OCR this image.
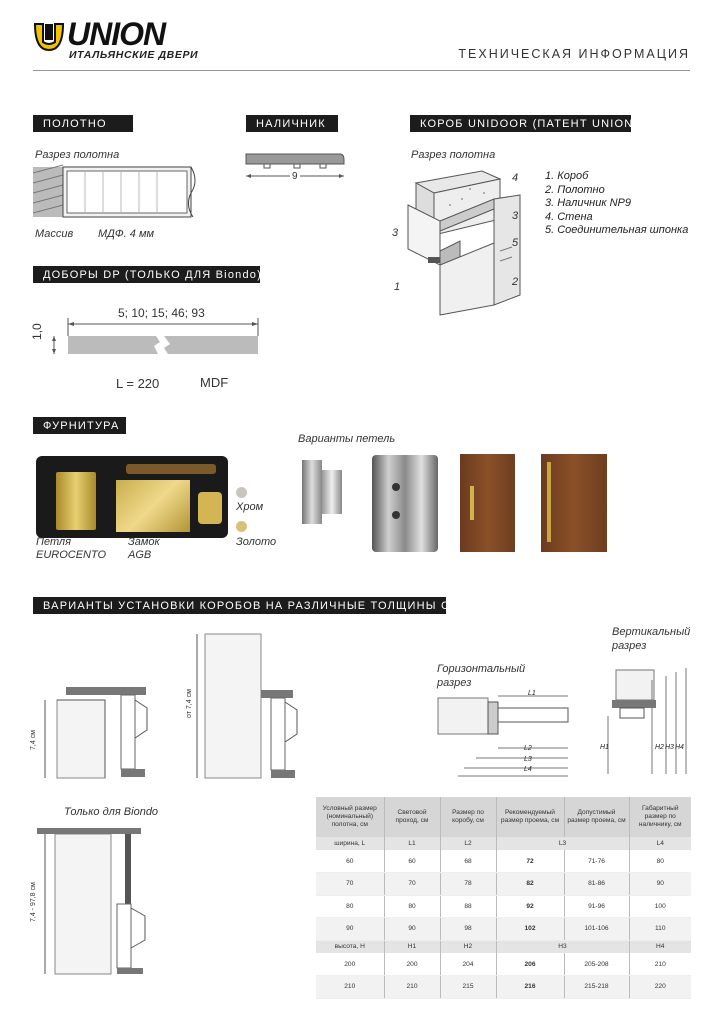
UNION
ИТАЛЬЯНСКИЕ ДВЕРИ	ТЕХНИЧЕСКАЯ ИНФОРМАЦИЯ
ПОЛОТНО
Разрез полотна
Массив МДФ. 4 мм
НАЛИЧНИК
9
КОРОБ UNIDOOR (ПАТЕНТ UNION)
Разрез полотна
4
3
3
5
1	2
1. Короб
2. Полотно
3. Наличник NP9
4. Стена
5. Соединительная шпонка
ДОБОРЫ DP (ТОЛЬКО ДЛЯ Biondo)
5; 10; 15; 46; 93
1,0
L = 220	MDF
ФУРНИТУРА
Хром
Золото
Петля
EUROCENTO
Замок
AGB
Варианты петель
ВАРИАНТЫ УСТАНОВКИ КОРОБОВ НА РАЗЛИЧНЫЕ ТОЛЩИНЫ СТЕН
7,4 см
от 7,4 см
Горизонтальный
разрез
L1
L2
L3
L4
Вертикальный
разрез
H1	H2 H3 H4
Только для Biondo
7,4 - 97,8 см
Условный размер (номинальный) полотна, см	Световой проход, см	Размер по коробу, см	Рекомендуемый размер проема, см	Допустимый размер проема, см	Габаритный размер по наличнику, см
ширина, L	L1	L2	L3		L4
60	60	68	72	71-76	80
70	70	78	82	81-86	90
80	80	88	92	91-96	100
90	90	98	102	101-106	110
высота, H	H1	H2	H3		H4
200	200	204	206	205-208	210
210	210	215	216	215-218	220
